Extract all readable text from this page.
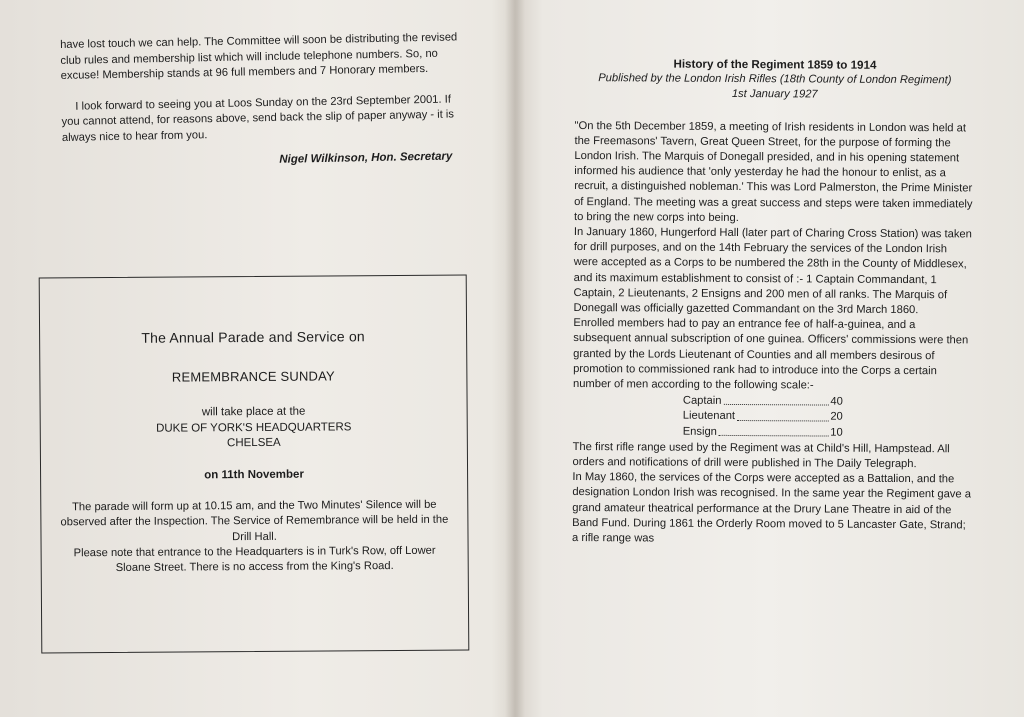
have lost touch we can help. The Committee will soon be distributing the revised club rules and membership list which will include telephone numbers. So, no excuse! Membership stands at 96 full members and 7 Honorary members.

I look forward to seeing you at Loos Sunday on the 23rd September 2001. If you cannot attend, for reasons above, send back the slip of paper anyway - it is always nice to hear from you.

Nigel Wilkinson, Hon. Secretary
The Annual Parade and Service on
REMEMBRANCE SUNDAY
will take place at the
DUKE OF YORK'S HEADQUARTERS
CHELSEA
on 11th November
The parade will form up at 10.15 am, and the Two Minutes' Silence will be observed after the Inspection. The Service of Remembrance will be held in the Drill Hall.
Please note that entrance to the Headquarters is in Turk's Row, off Lower Sloane Street. There is no access from the King's Road.
History of the Regiment 1859 to 1914
Published by the London Irish Rifles (18th County of London Regiment)
1st January 1927

"On the 5th December 1859, a meeting of Irish residents in London was held at the Freemasons' Tavern, Great Queen Street, for the purpose of forming the London Irish. The Marquis of Donegall presided, and in his opening statement informed his audience that 'only yesterday he had the honour to enlist, as a recruit, a distinguished nobleman.' This was Lord Palmerston, the Prime Minister of England. The meeting was a great success and steps were taken immediately to bring the new corps into being.

In January 1860, Hungerford Hall (later part of Charing Cross Station) was taken for drill purposes, and on the 14th February the services of the London Irish were accepted as a Corps to be numbered the 28th in the County of Middlesex, and its maximum establishment to consist of :- 1 Captain Commandant, 1 Captain, 2 Lieutenants, 2 Ensigns and 200 men of all ranks. The Marquis of Donegall was officially gazetted Commandant on the 3rd March 1860.

Enrolled members had to pay an entrance fee of half-a-guinea, and a subsequent annual subscription of one guinea. Officers' commissions were then granted by the Lords Lieutenant of Counties and all members desirous of promotion to commissioned rank had to introduce into the Corps a certain number of men according to the following scale:-

Captain	40
Lieutenant	20
Ensign	10

The first rifle range used by the Regiment was at Child's Hill, Hampstead. All orders and notifications of drill were published in The Daily Telegraph.

In May 1860, the services of the Corps were accepted as a Battalion, and the designation London Irish was recognised. In the same year the Regiment gave a grand amateur theatrical performance at the Drury Lane Theatre in aid of the Band Fund. During 1861 the Orderly Room moved to 5 Lancaster Gate, Strand; a rifle range was
